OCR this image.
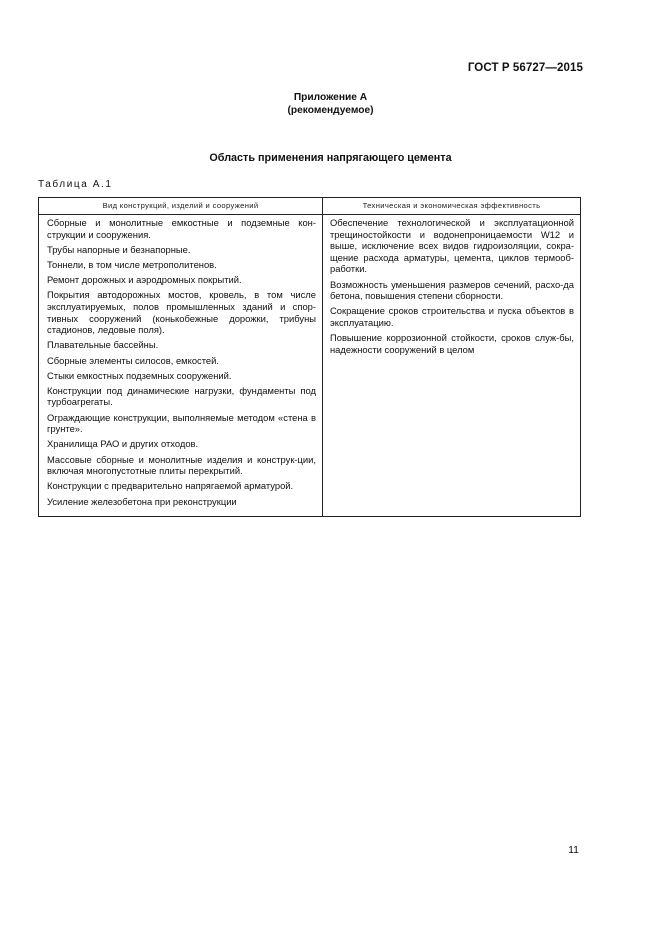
ГОСТ Р 56727—2015
Приложение А
(рекомендуемое)
Область применения напрягающего цемента
Таблица А.1
Вид конструкций, изделий и сооружений	Техническая и экономическая эффективность

Сборные и монолитные емкостные и подземные кон-струкции и сооружения.

Трубы напорные и безнапорные.

Тоннели, в том числе метрополитенов.

Ремонт дорожных и аэродромных покрытий.

Покрытия автодорожных мостов, кровель, в том числе эксплуатируемых, полов промышленных зданий и спор-тивных сооружений (конькобежные дорожки, трибуны стадионов, ледовые поля).

Плавательные бассейны.

Сборные элементы силосов, емкостей.

Стыки емкостных подземных сооружений.

Конструкции под динамические нагрузки, фундаменты под турбоагрегаты.

Ограждающие конструкции, выполняемые методом «стена в грунте».

Хранилища РАО и других отходов.

Массовые сборные и монолитные изделия и конструк-ции, включая многопустотные плиты перекрытий.

Конструкции с предварительно напрягаемой арматурой.

Усиление железобетона при реконструкции

Обеспечение технологической и эксплуатационной трещиностойкости и водонепроницаемости W12 и выше, исключение всех видов гидроизоляции, сокра-щение расхода арматуры, цемента, циклов термооб-работки.

Возможность уменьшения размеров сечений, расхо-да бетона, повышения степени сборности.

Сокращение сроков строительства и пуска объектов в эксплуатацию.

Повышение коррозионной стойкости, сроков служ-бы, надежности сооружений в целом

11
